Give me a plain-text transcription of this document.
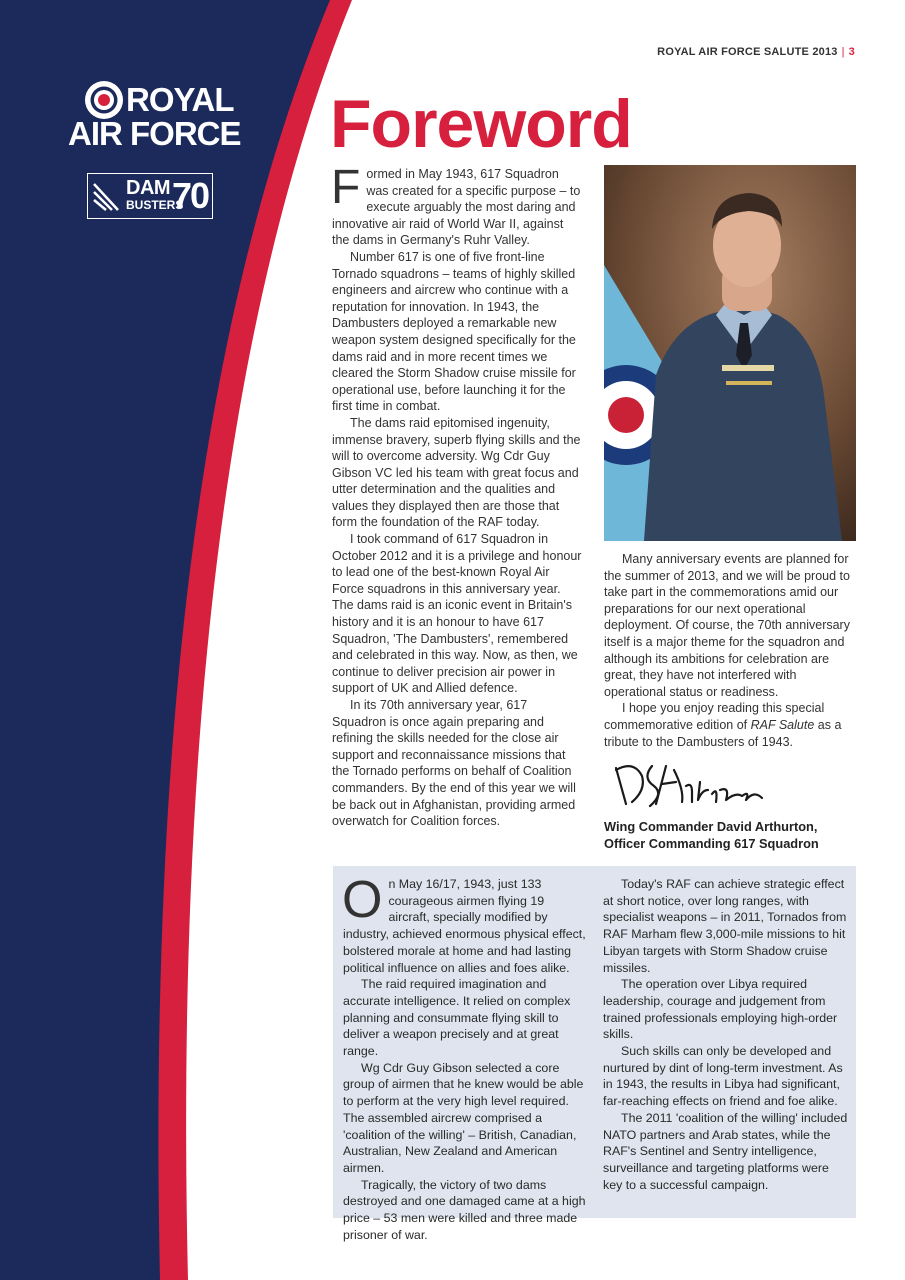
ROYAL
AIR FORCE
DAM
BUSTERS
70
ROYAL AIR FORCE SALUTE 2013 | 3
Foreword

Formed in May 1943, 617 Squadron was created for a specific purpose – to execute arguably the most daring and innovative air raid of World War II, against the dams in Germany's Ruhr Valley.

Number 617 is one of five front-line Tornado squadrons – teams of highly skilled engineers and aircrew who continue with a reputation for innovation. In 1943, the Dambusters deployed a remarkable new weapon system designed specifically for the dams raid and in more recent times we cleared the Storm Shadow cruise missile for operational use, before launching it for the first time in combat.

The dams raid epitomised ingenuity, immense bravery, superb flying skills and the will to overcome adversity. Wg Cdr Guy Gibson VC led his team with great focus and utter determination and the qualities and values they displayed then are those that form the foundation of the RAF today.

I took command of 617 Squadron in October 2012 and it is a privilege and honour to lead one of the best-known Royal Air Force squadrons in this anniversary year. The dams raid is an iconic event in Britain's history and it is an honour to have 617 Squadron, 'The Dambusters', remembered and celebrated in this way. Now, as then, we continue to deliver precision air power in support of UK and Allied defence.

In its 70th anniversary year, 617 Squadron is once again preparing and refining the skills needed for the close air support and reconnaissance missions that the Tornado performs on behalf of Coalition commanders. By the end of this year we will be back out in Afghanistan, providing armed overwatch for Coalition forces.

Many anniversary events are planned for the summer of 2013, and we will be proud to take part in the commemorations amid our preparations for our next operational deployment. Of course, the 70th anniversary itself is a major theme for the squadron and although its ambitions for celebration are great, they have not interfered with operational status or readiness.

I hope you enjoy reading this special commemorative edition of RAF Salute as a tribute to the Dambusters of 1943.

Wing Commander David Arthurton,
Officer Commanding 617 Squadron

On May 16/17, 1943, just 133 courageous airmen flying 19 aircraft, specially modified by industry, achieved enormous physical effect, bolstered morale at home and had lasting political influence on allies and foes alike.

The raid required imagination and accurate intelligence. It relied on complex planning and consummate flying skill to deliver a weapon precisely and at great range.

Wg Cdr Guy Gibson selected a core group of airmen that he knew would be able to perform at the very high level required. The assembled aircrew comprised a 'coalition of the willing' – British, Canadian, Australian, New Zealand and American airmen.

Tragically, the victory of two dams destroyed and one damaged came at a high price – 53 men were killed and three made prisoner of war.

Today's RAF can achieve strategic effect at short notice, over long ranges, with specialist weapons – in 2011, Tornados from RAF Marham flew 3,000-mile missions to hit Libyan targets with Storm Shadow cruise missiles.

The operation over Libya required leadership, courage and judgement from trained professionals employing high-order skills.

Such skills can only be developed and nurtured by dint of long-term investment. As in 1943, the results in Libya had significant, far-reaching effects on friend and foe alike.

The 2011 'coalition of the willing' included NATO partners and Arab states, while the RAF's Sentinel and Sentry intelligence, surveillance and targeting platforms were key to a successful campaign.
